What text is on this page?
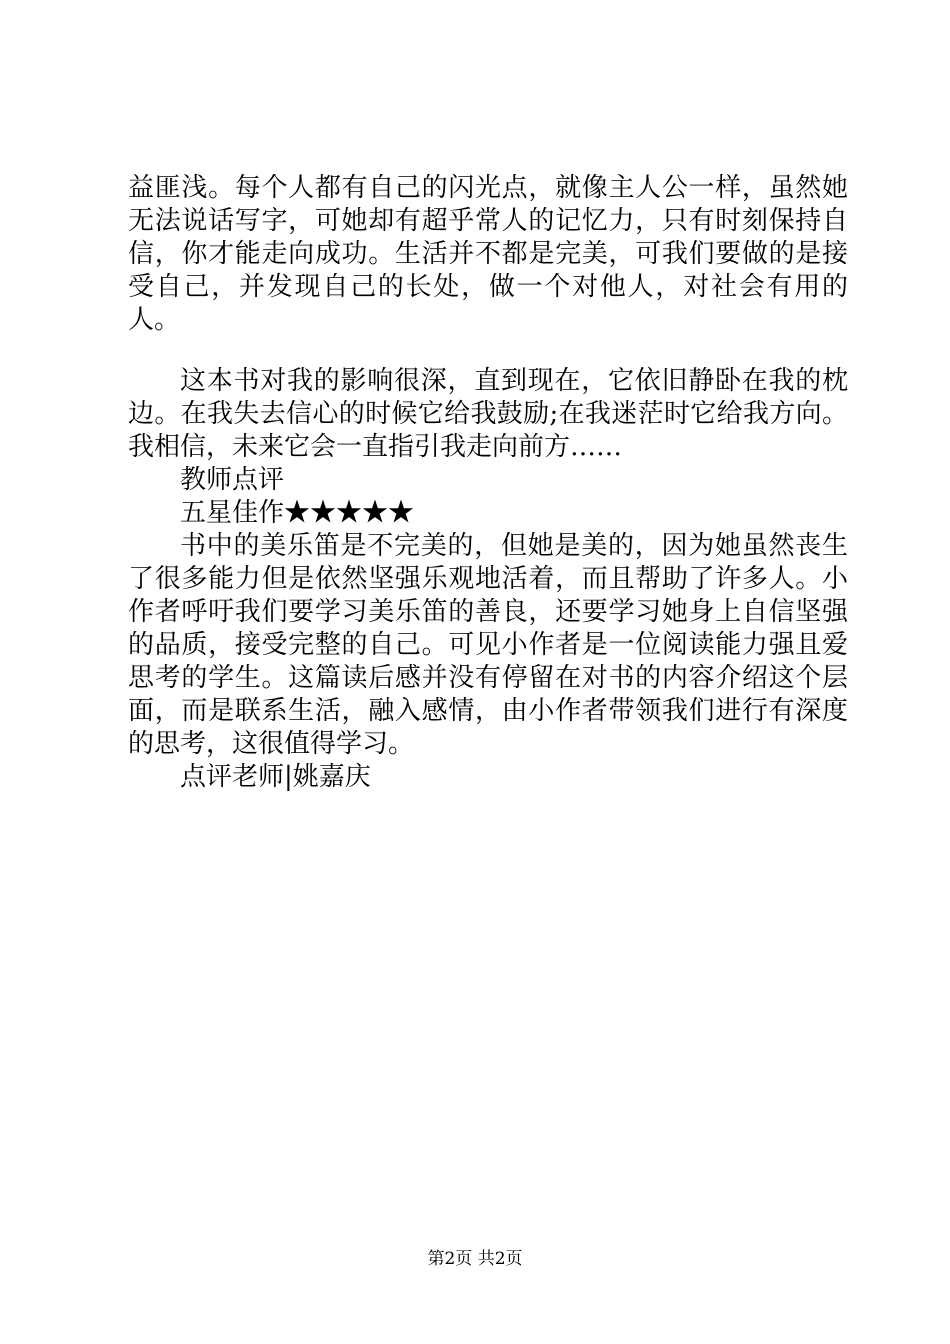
益匪浅。每个人都有自己的闪光点，就像主人公一样，虽然她无法说话写字，可她却有超乎常人的记忆力，只有时刻保持自信，你才能走向成功。生活并不都是完美，可我们要做的是接受自己，并发现自己的长处，做一个对他人，对社会有用的人。

这本书对我的影响很深，直到现在，它依旧静卧在我的枕边。在我失去信心的时候它给我鼓励;在我迷茫时它给我方向。我相信，未来它会一直指引我走向前方……

教师点评

五星佳作★★★★★

书中的美乐笛是不完美的，但她是美的，因为她虽然丧生了很多能力但是依然坚强乐观地活着，而且帮助了许多人。小作者呼吁我们要学习美乐笛的善良，还要学习她身上自信坚强的品质，接受完整的自己。可见小作者是一位阅读能力强且爱思考的学生。这篇读后感并没有停留在对书的内容介绍这个层面，而是联系生活，融入感情，由小作者带领我们进行有深度的思考，这很值得学习。

点评老师|姚嘉庆

第2页 共2页
